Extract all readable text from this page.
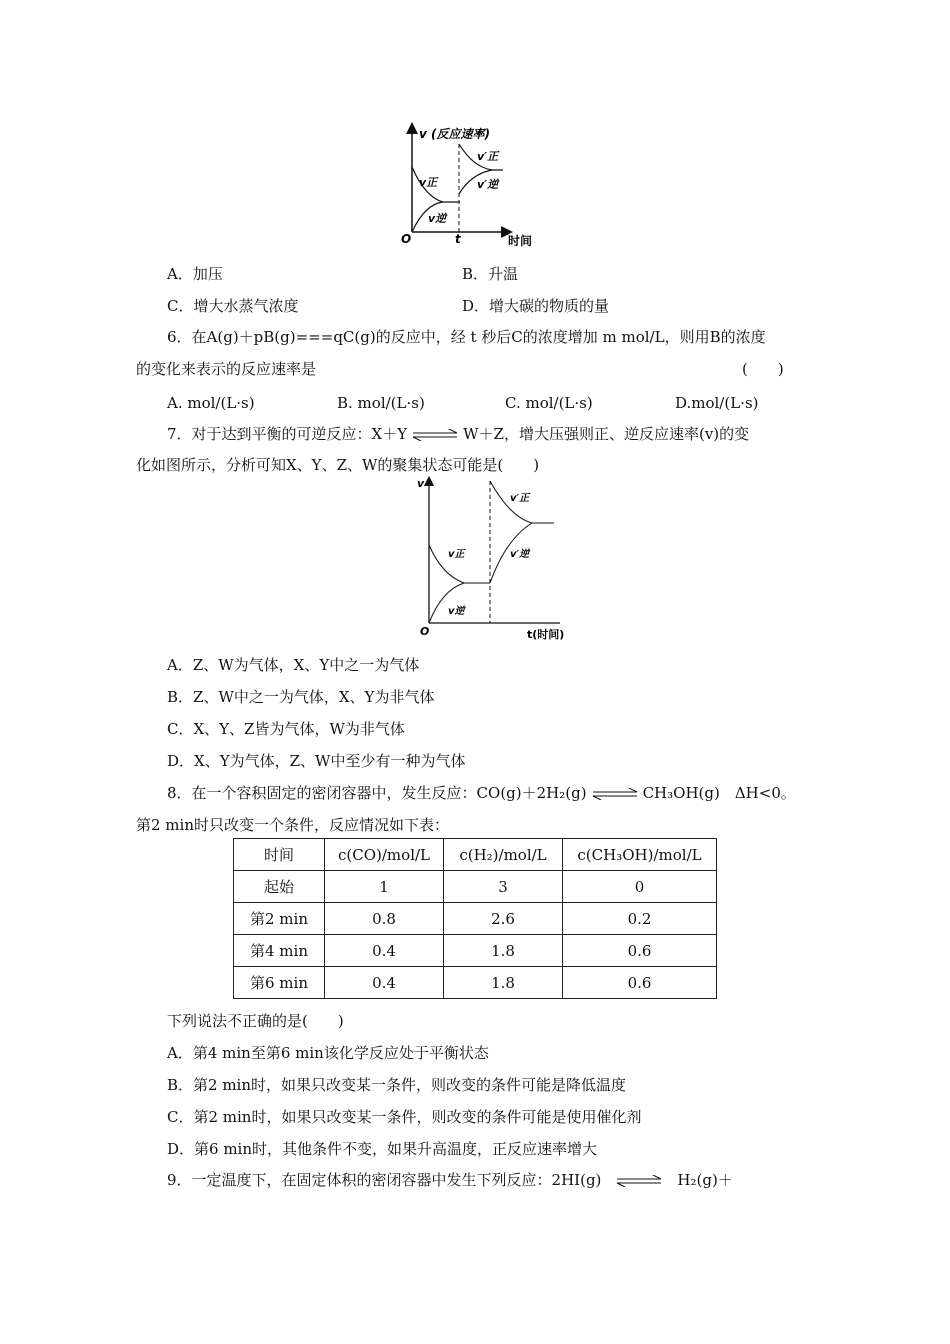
v (反应速率)
时间
O	t
v正
v逆
v′正
v′逆
A．加压	B．升温
C．增大水蒸气浓度	D．增大碳的物质的量
6．在A(g)＋pB(g)===qC(g)的反应中，经 t 秒后C的浓度增加 m mol/L，则用B的浓度
的变化来表示的反应速率是	(　　)
A. mol/(L·s)	B. mol/(L·s)	C. mol/(L·s)	D.mol/(L·s)
7．对于达到平衡的可逆反应：X＋Y ⇌ W＋Z，增大压强则正、逆反应速率(v)的变
化如图所示，分析可知X、Y、Z、W的聚集状态可能是(　　)
v
t(时间)
O
v正
v逆
v′正
v′逆
A．Z、W为气体，X、Y中之一为气体
B．Z、W中之一为气体，X、Y为非气体
C．X、Y、Z皆为气体，W为非气体
D．X、Y为气体，Z、W中至少有一种为气体
8．在一个容积固定的密闭容器中，发生反应：CO(g)＋2H₂(g) ⇌ CH₃OH(g)　ΔH<0。
第2 min时只改变一个条件，反应情况如下表：
时间	c(CO)/mol/L	c(H₂)/mol/L	c(CH₃OH)/mol/L
起始	1	3	0
第2 min	0.8	2.6	0.2
第4 min	0.4	1.8	0.6
第6 min	0.4	1.8	0.6
下列说法不正确的是(　　)
A．第4 min至第6 min该化学反应处于平衡状态
B．第2 min时，如果只改变某一条件，则改变的条件可能是降低温度
C．第2 min时，如果只改变某一条件，则改变的条件可能是使用催化剂
D．第6 min时，其他条件不变，如果升高温度，正反应速率增大
9．一定温度下，在固定体积的密闭容器中发生下列反应：2HI(g) ⇌ H₂(g)＋
